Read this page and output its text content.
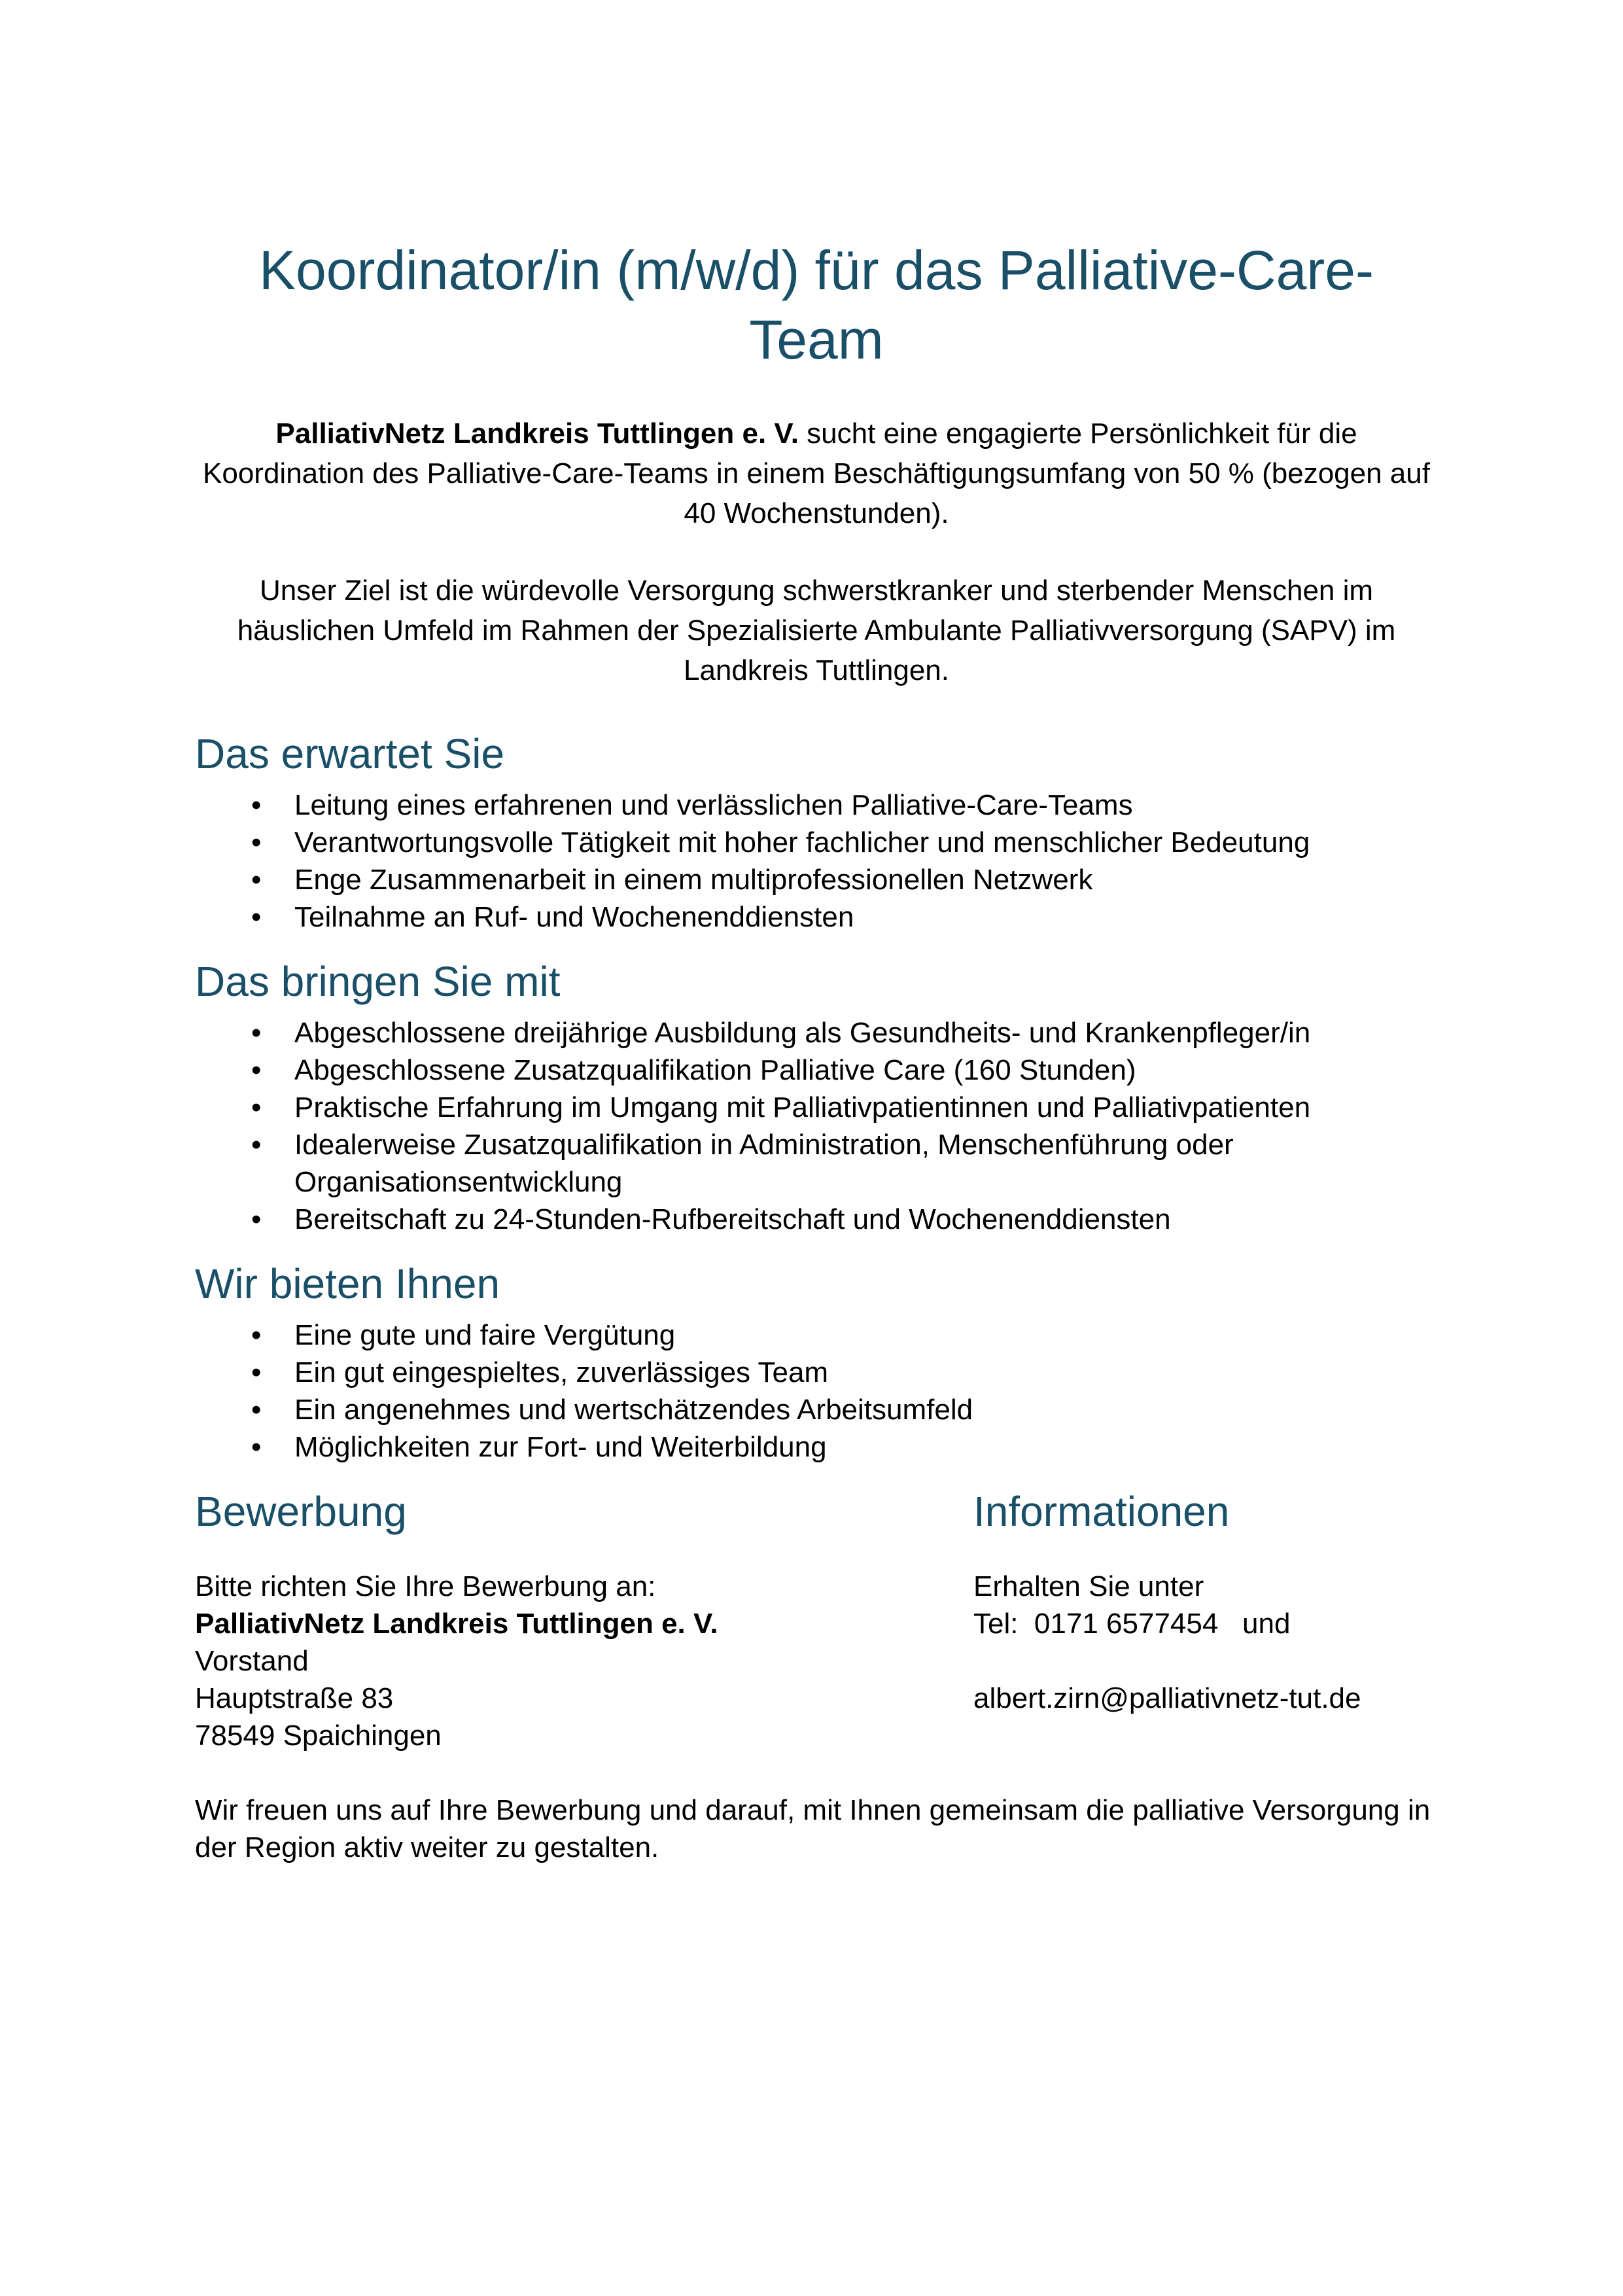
Koordinator/in (m/w/d) für das Palliative-Care-Team

PalliativNetz Landkreis Tuttlingen e. V. sucht eine engagierte Persönlichkeit für die Koordination des Palliative-Care-Teams in einem Beschäftigungsumfang von 50 % (bezogen auf 40 Wochenstunden).

Unser Ziel ist die würdevolle Versorgung schwerstkranker und sterbender Menschen im häuslichen Umfeld im Rahmen der Spezialisierte Ambulante Palliativversorgung (SAPV) im Landkreis Tuttlingen.

Das erwartet Sie
• Leitung eines erfahrenen und verlässlichen Palliative-Care-Teams
• Verantwortungsvolle Tätigkeit mit hoher fachlicher und menschlicher Bedeutung
• Enge Zusammenarbeit in einem multiprofessionellen Netzwerk
• Teilnahme an Ruf- und Wochenenddiensten
Das bringen Sie mit
• Abgeschlossene dreijährige Ausbildung als Gesundheits- und Krankenpfleger/in
• Abgeschlossene Zusatzqualifikation Palliative Care (160 Stunden)
• Praktische Erfahrung im Umgang mit Palliativpatientinnen und Palliativpatienten
• Idealerweise Zusatzqualifikation in Administration, Menschenführung oder Organisationsentwicklung
• Bereitschaft zu 24-Stunden-Rufbereitschaft und Wochenenddiensten
Wir bieten Ihnen
• Eine gute und faire Vergütung
• Ein gut eingespieltes, zuverlässiges Team
• Ein angenehmes und wertschätzendes Arbeitsumfeld
• Möglichkeiten zur Fort- und Weiterbildung
Bewerbung
Bitte richten Sie Ihre Bewerbung an:
PalliativNetz Landkreis Tuttlingen e. V.
Vorstand
Hauptstraße 83
78549 Spaichingen
Informationen
Erhalten Sie unter
Tel:  0171 6577454   und
albert.zirn@palliativnetz-tut.de

Wir freuen uns auf Ihre Bewerbung und darauf, mit Ihnen gemeinsam die palliative Versorgung in der Region aktiv weiter zu gestalten.
